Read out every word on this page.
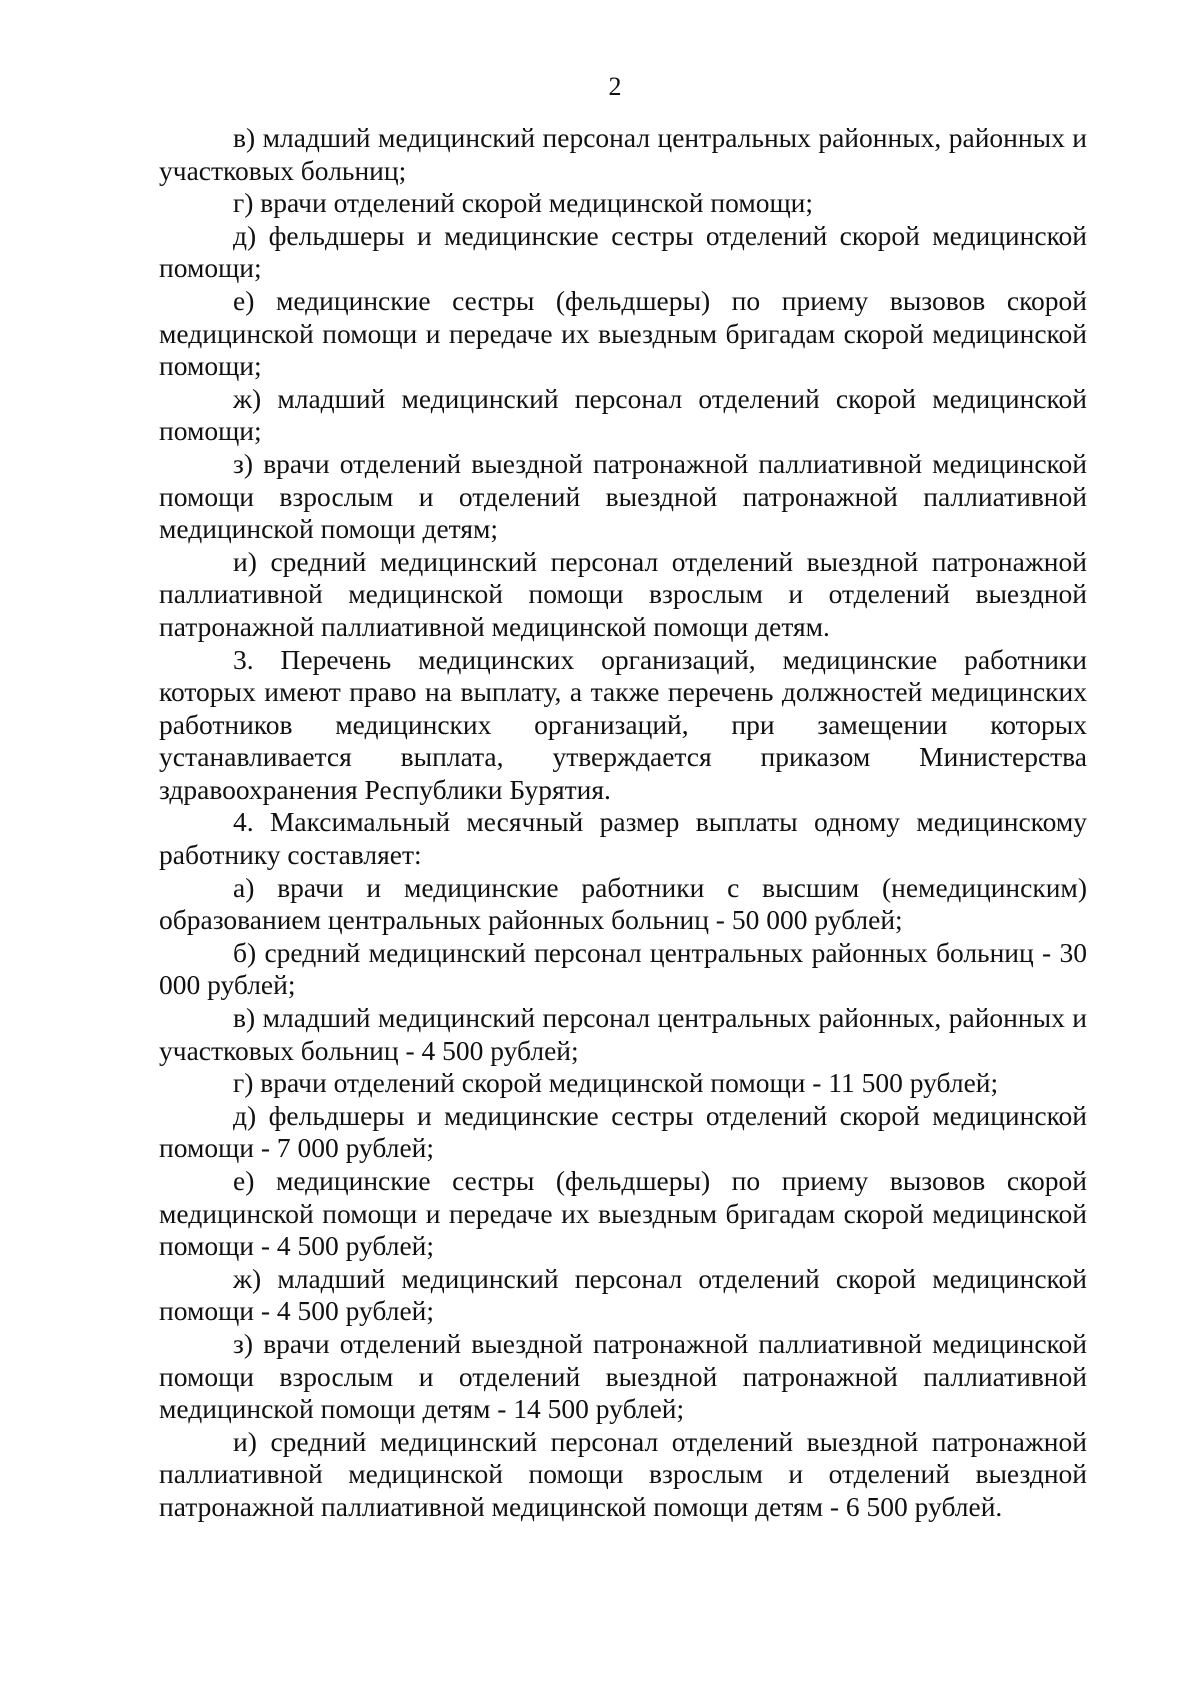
2

в) младший медицинский персонал центральных районных, районных и участковых больниц;

г) врачи отделений скорой медицинской помощи;

д) фельдшеры и медицинские сестры отделений скорой медицинской помощи;

е) медицинские сестры (фельдшеры) по приему вызовов скорой медицинской помощи и передаче их выездным бригадам скорой медицинской помощи;

ж) младший медицинский персонал отделений скорой медицинской помощи;

з) врачи отделений выездной патронажной паллиативной медицинской помощи взрослым и отделений выездной патронажной паллиативной медицинской помощи детям;

и) средний медицинский персонал отделений выездной патронажной паллиативной медицинской помощи взрослым и отделений выездной патронажной паллиативной медицинской помощи детям.

3. Перечень медицинских организаций, медицинские работники которых имеют право на выплату, а также перечень должностей медицинских работников медицинских организаций, при замещении которых устанавливается выплата, утверждается приказом Министерства здравоохранения Республики Бурятия.

4. Максимальный месячный размер выплаты одному медицинскому работнику составляет:

а) врачи и медицинские работники с высшим (немедицинским) образованием центральных районных больниц - 50 000 рублей;

б) средний медицинский персонал центральных районных больниц - 30 000 рублей;

в) младший медицинский персонал центральных районных, районных и участковых больниц - 4 500 рублей;

г) врачи отделений скорой медицинской помощи - 11 500 рублей;

д) фельдшеры и медицинские сестры отделений скорой медицинской помощи - 7 000 рублей;

е) медицинские сестры (фельдшеры) по приему вызовов скорой медицинской помощи и передаче их выездным бригадам скорой медицинской помощи - 4 500 рублей;

ж) младший медицинский персонал отделений скорой медицинской помощи - 4 500 рублей;

з) врачи отделений выездной патронажной паллиативной медицинской помощи взрослым и отделений выездной патронажной паллиативной медицинской помощи детям - 14 500 рублей;

и) средний медицинский персонал отделений выездной патронажной паллиативной медицинской помощи взрослым и отделений выездной патронажной паллиативной медицинской помощи детям - 6 500 рублей.
